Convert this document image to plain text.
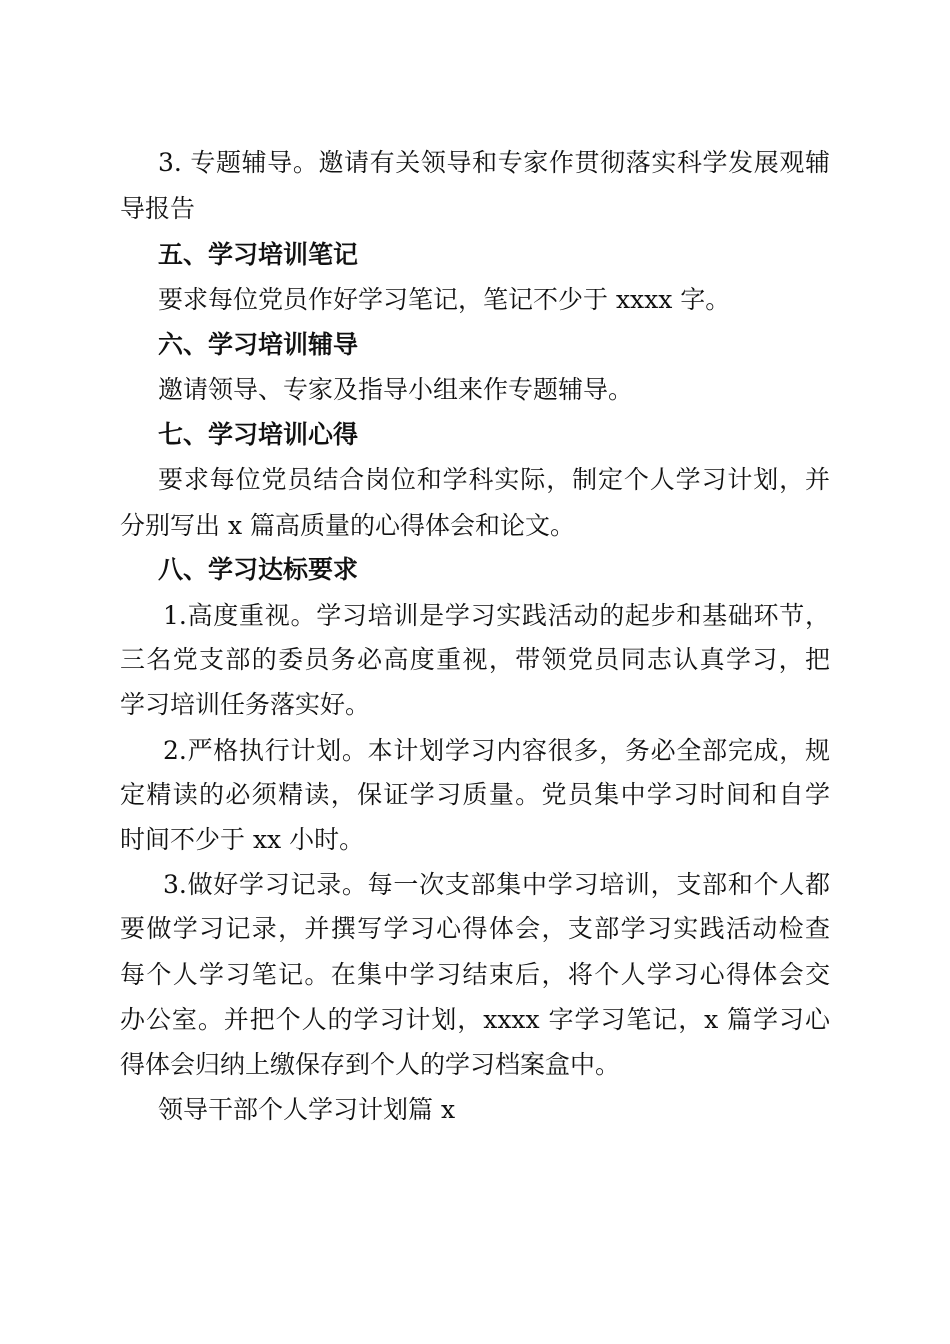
3. 专题辅导。邀请有关领导和专家作贯彻落实科学发展观辅
导报告
五、学习培训笔记
要求每位党员作好学习笔记，笔记不少于 xxxx 字。
六、学习培训辅导
邀请领导、专家及指导小组来作专题辅导。
七、学习培训心得
要求每位党员结合岗位和学科实际，制定个人学习计划，并
分别写出 x 篇高质量的心得体会和论文。
八、学习达标要求
1.高度重视。学习培训是学习实践活动的起步和基础环节，
三名党支部的委员务必高度重视，带领党员同志认真学习，把
学习培训任务落实好。
2.严格执行计划。本计划学习内容很多，务必全部完成，规
定精读的必须精读，保证学习质量。党员集中学习时间和自学
时间不少于 xx 小时。
3.做好学习记录。每一次支部集中学习培训，支部和个人都
要做学习记录，并撰写学习心得体会，支部学习实践活动检查
每个人学习笔记。在集中学习结束后，将个人学习心得体会交
办公室。并把个人的学习计划，xxxx 字学习笔记，x 篇学习心
得体会归纳上缴保存到个人的学习档案盒中。
领导干部个人学习计划篇 x
